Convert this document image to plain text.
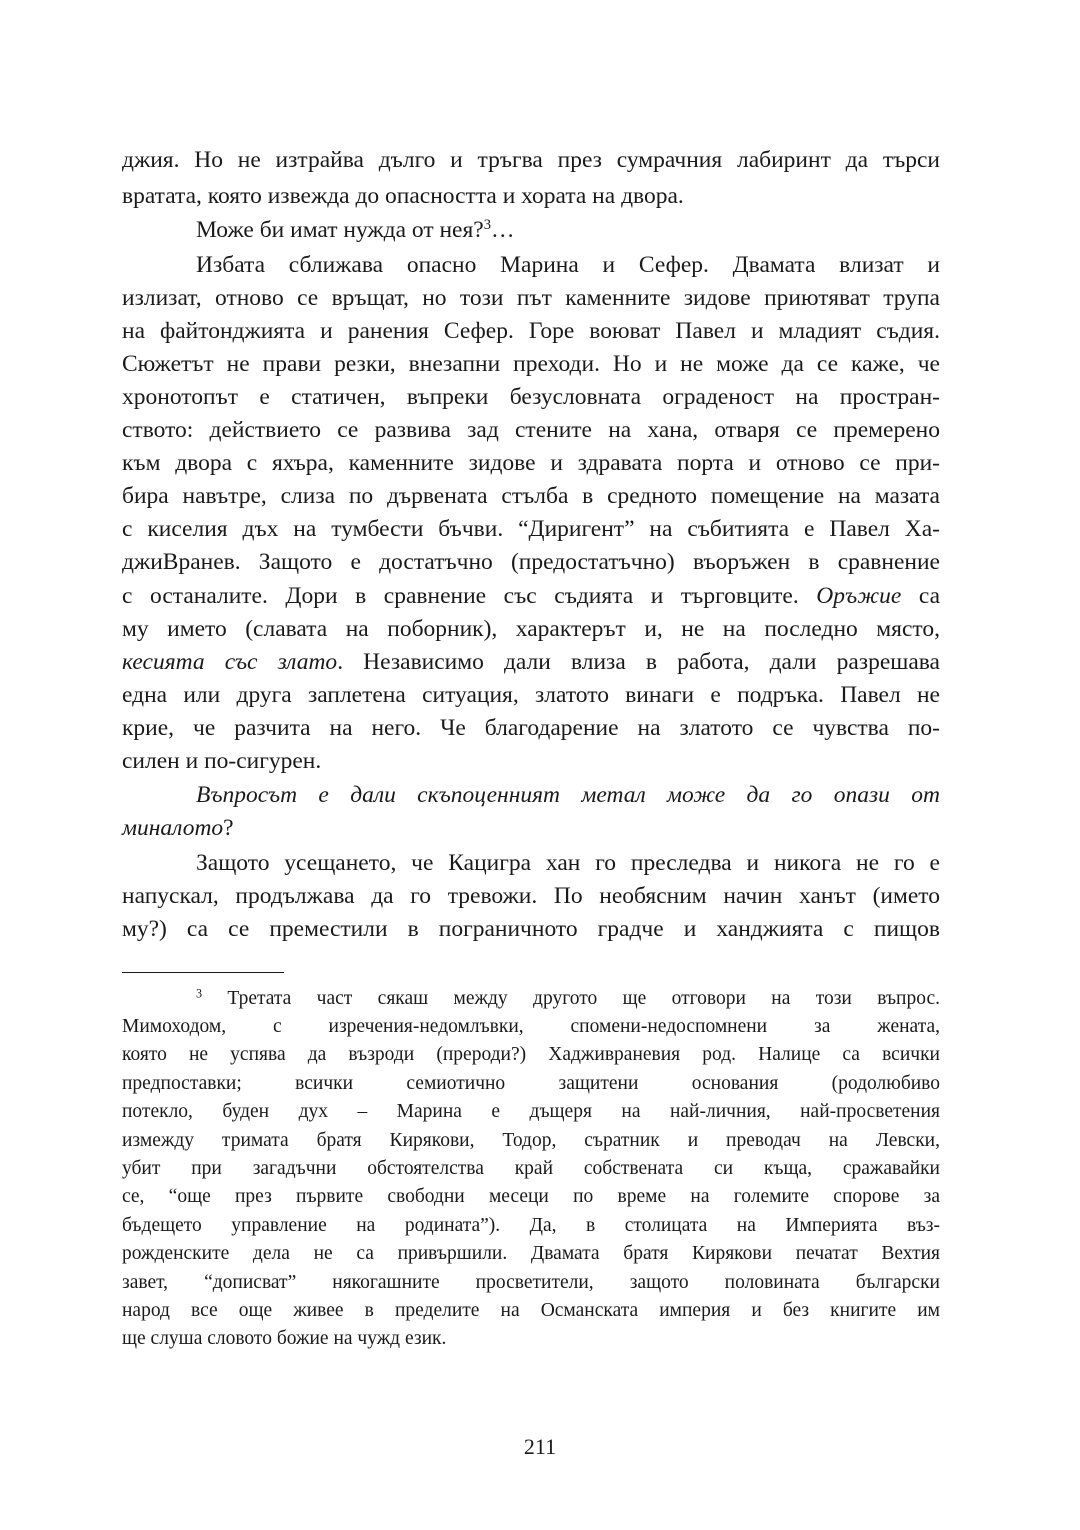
джия. Но не изтрайва дълго и тръгва през сумрачния лабиринт да търси
вратата, която извежда до опасността и хората на двора.
Може би имат нужда от нея?$^3$…
Избата сближава опасно Марина и Сефер. Двамата влизат и
излизат, отново се връщат, но този път каменните зидове приютяват трупа
на файтонджията и ранения Сефер. Горе воюват Павел и младият съдия.
Сюжетът не прави резки, внезапни преходи. Но и не може да се каже, че
хронотопът е статичен, въпреки безусловната ограденост на простран-
ството: действието се развива зад стените на хана, отваря се премерено
към двора с яхъра, каменните зидове и здравата порта и отново се при-
бира навътре, слиза по дървената стълба в средното помещение на мазата
с киселия дъх на тумбести бъчви. “Диригент” на събитията е Павел Ха-
джиВранев. Защото е достатъчно (предостатъчно) въоръжен в сравнение
с останалите. Дори в сравнение със съдията и търговците. Оръжие са
му името (славата на поборник), характерът и, не на последно място,
кесията със злато. Независимо дали влиза в работа, дали разрешава
една или друга заплетена ситуация, златото винаги е подръка. Павел не
крие, че разчита на него. Че благодарение на златото се чувства по-
силен и по-сигурен.
Въпросът е дали скъпоценният метал може да го опази от
миналото?
Защото усещането, че Кацигра хан го преследва и никога не го е
напускал, продължава да го тревожи. По необясним начин ханът (името
му?) са се преместили в пограничното градче и ханджията с пищов
$^3$ Третата част сякаш между другото ще отговори на този въпрос.
Мимоходом, с изречения-недомлъвки, спомени-недоспомнени за жената,
която не успява да възроди (пpероди?) Хадживраневия род. Налице са всички
предпоставки; всички семиотично защитени основания (родолюбиво
потекло, буден дух – Марина е дъщеря на най-личния, най-просветения
измежду тримата братя Кирякови, Тодор, съратник и преводач на Левски,
убит при загадъчни обстоятелства край собствената си къща, сражавайки
се, “още през първите свободни месеци по време на големите спорове за
бъдещето управление на родината”). Да, в столицата на Империята въз-
рожденските дела не са привършили. Двамата братя Кирякови печатат Вехтия
завет, “дописват” някогашните просветители, защото половината български
народ все още живее в пределите на Османската империя и без книгите им
ще слуша словото божие на чужд език.
211
